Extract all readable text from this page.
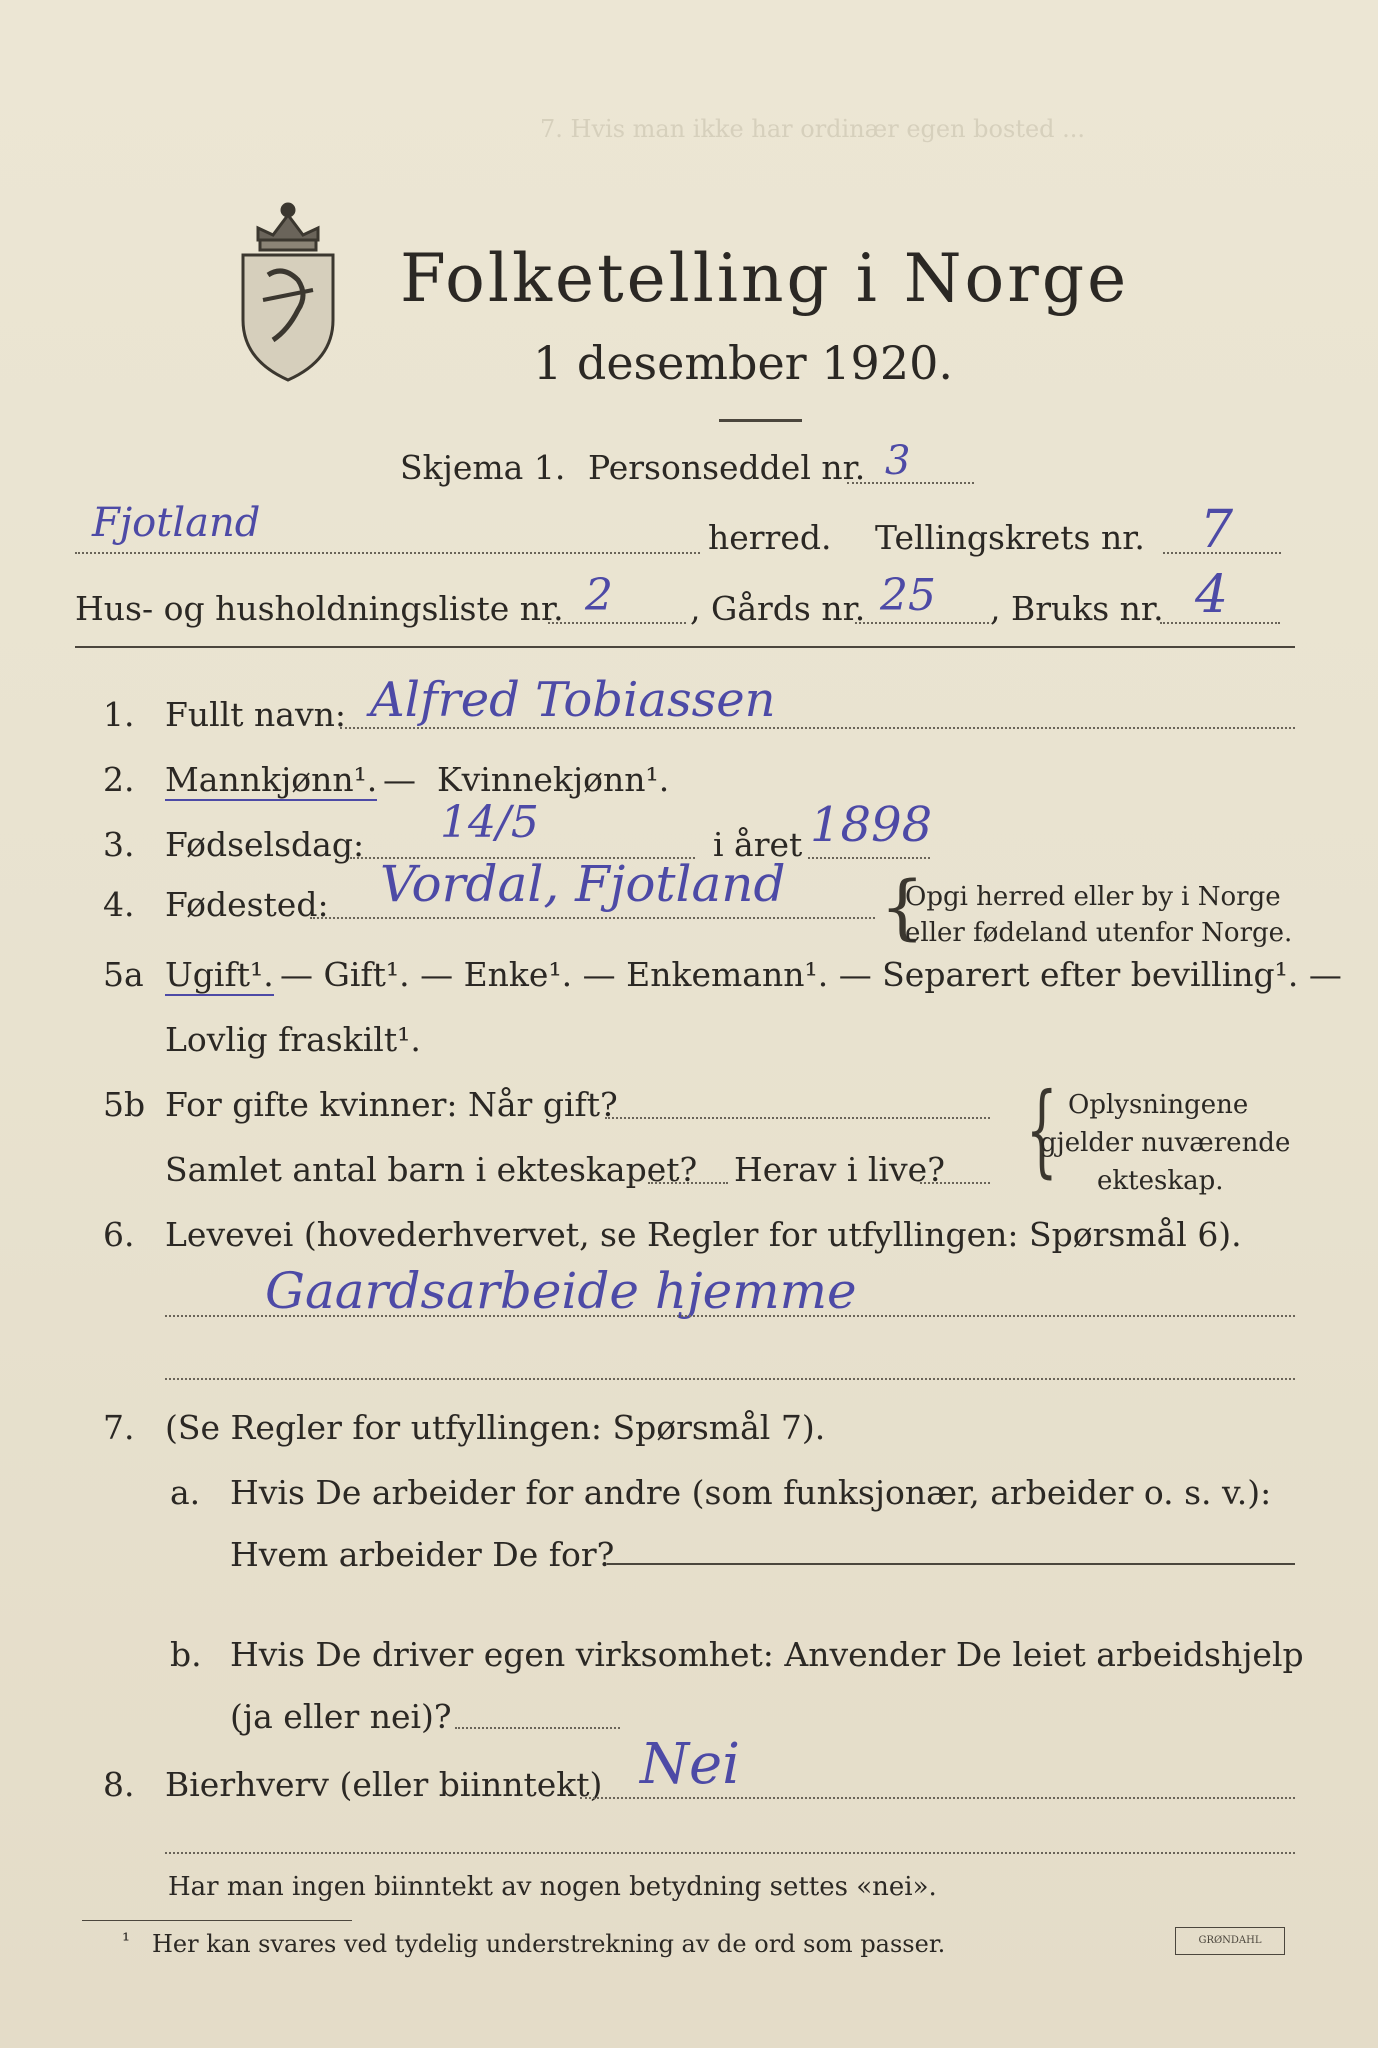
7. Hvis man ikke har ordinær egen bosted ...
Folketelling i Norge
1 desember 1920.
Skjema 1. Personseddel nr. 3
Fjotland	herred. Tellingskrets nr. 7
Hus- og husholdningsliste nr. 2 , Gårds nr. 25 , Bruks nr. 4
1. Fullt navn: Alfred Tobiassen
2. Mannkjønn¹. — Kvinnekjønn¹.
3. Fødselsdag: 14/5	i året 1898
4. Fødested: Vordal, Fjotland {
Opgi herred eller by i Norge
eller fødeland utenfor Norge.
5a Ugift¹. — Gift¹. — Enke¹. — Enkemann¹. — Separert efter bevilling¹. —
Lovlig fraskilt¹.
5b For gifte kvinner: Når gift?
Samlet antal barn i ekteskapet? Herav i live? { Oplysningene
gjelder nuværende
ekteskap.
6. Levevei (hovederhvervet, se Regler for utfyllingen: Spørsmål 6).
Gaardsarbeide hjemme
7. (Se Regler for utfyllingen: Spørsmål 7).
a. Hvis De arbeider for andre (som funksjonær, arbeider o. s. v.):
Hvem arbeider De for?
b. Hvis De driver egen virksomhet: Anvender De leiet arbeidshjelp
(ja eller nei)?
8. Bierhverv (eller biinntekt) Nei
Har man ingen biinntekt av nogen betydning settes «nei».
¹ Her kan svares ved tydelig understrekning av de ord som passer.	GRØNDAHL
